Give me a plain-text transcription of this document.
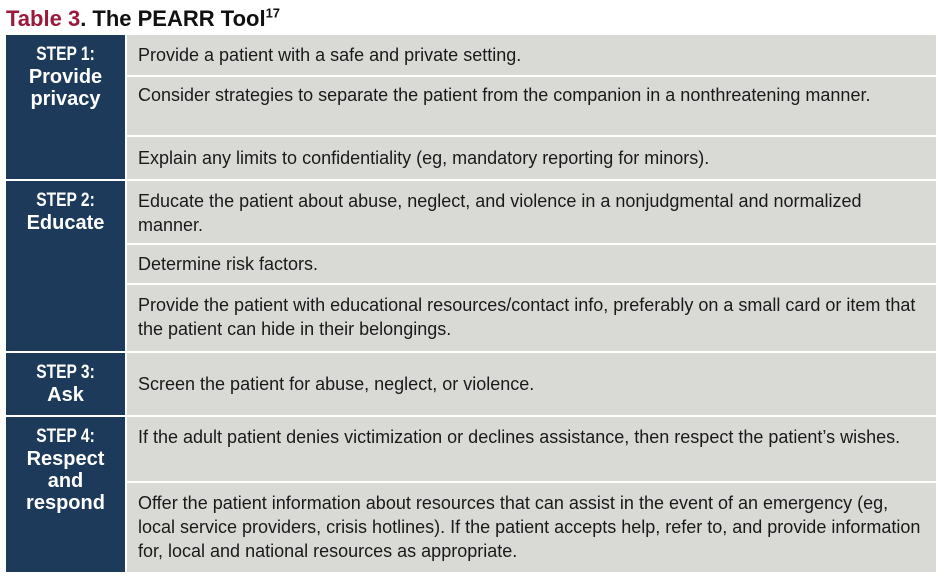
Table 3. The PEARR Tool$^{17}$
STEP 1:
Provide
privacy
Provide a patient with a safe and private setting.
Consider strategies to separate the patient from the companion in a nonthreatening manner.
Explain any limits to confidentiality (eg, mandatory reporting for minors).
STEP 2:
Educate
Educate the patient about abuse, neglect, and violence in a nonjudgmental and normalized manner.
Determine risk factors.
Provide the patient with educational resources/contact info, preferably on a small card or item that the patient can hide in their belongings.
STEP 3:
Ask	Screen the patient for abuse, neglect, or violence.
STEP 4:
Respect
and
respond
If the adult patient denies victimization or declines assistance, then respect the patient’s wishes.
Offer the patient information about resources that can assist in the event of an emergency (eg, local service providers, crisis hotlines). If the patient accepts help, refer to, and provide information for, local and national resources as appropriate.
